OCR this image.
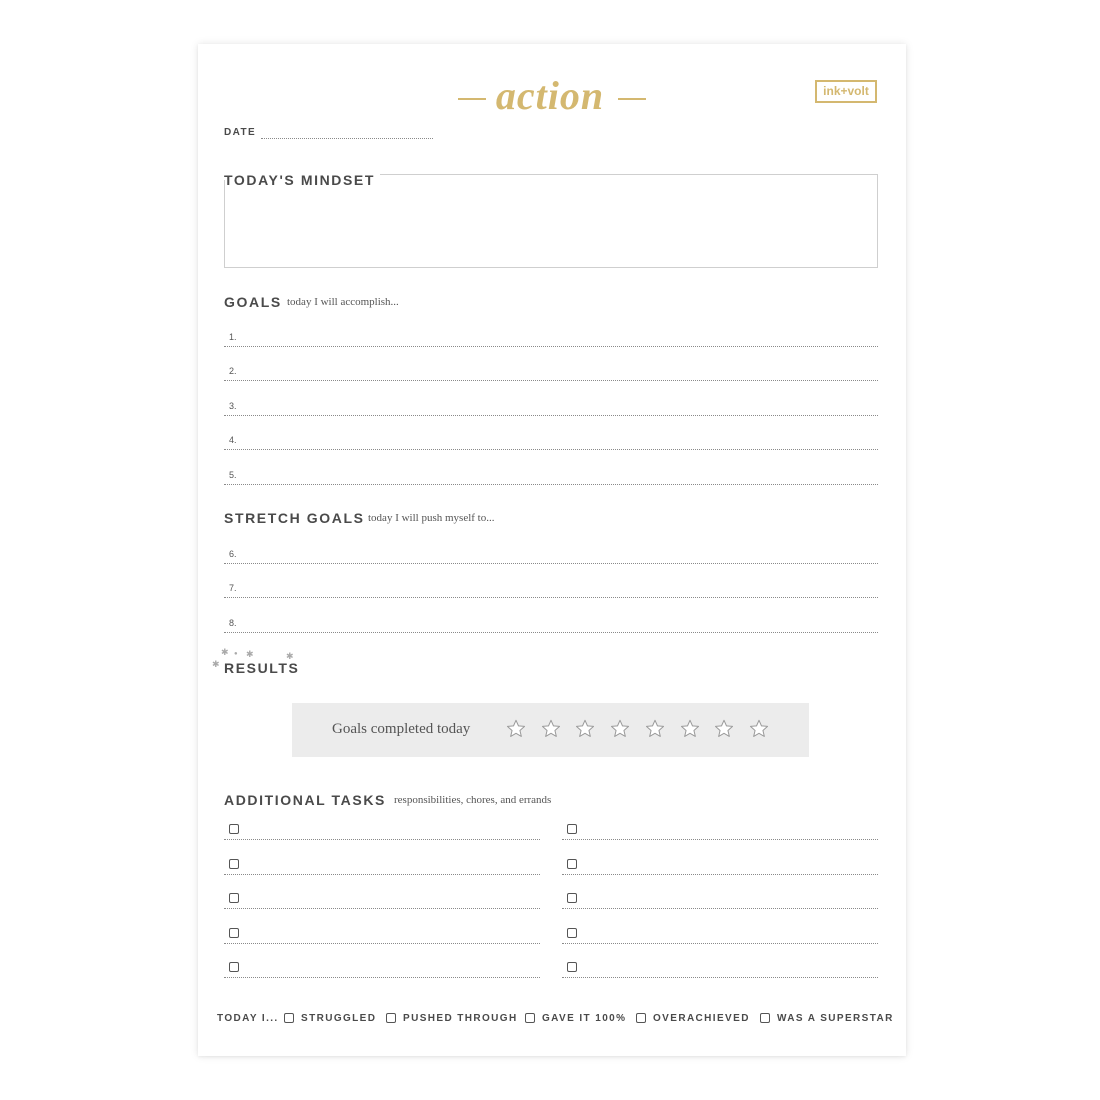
action	ink+volt
DATE
TODAY'S MINDSET
GOALS today I will accomplish...
1.
2.
3.
4.
5.
STRETCH GOALS today I will push myself to...
6.
7.
8.
✱ ● ✱	✱
✱ RESULTS
Goals completed today
ADDITIONAL TASKS responsibilities, chores, and errands
TODAY I... STRUGGLED	PUSHED THROUGH GAVE IT 100%	OVERACHIEVED	WAS A SUPERSTAR
